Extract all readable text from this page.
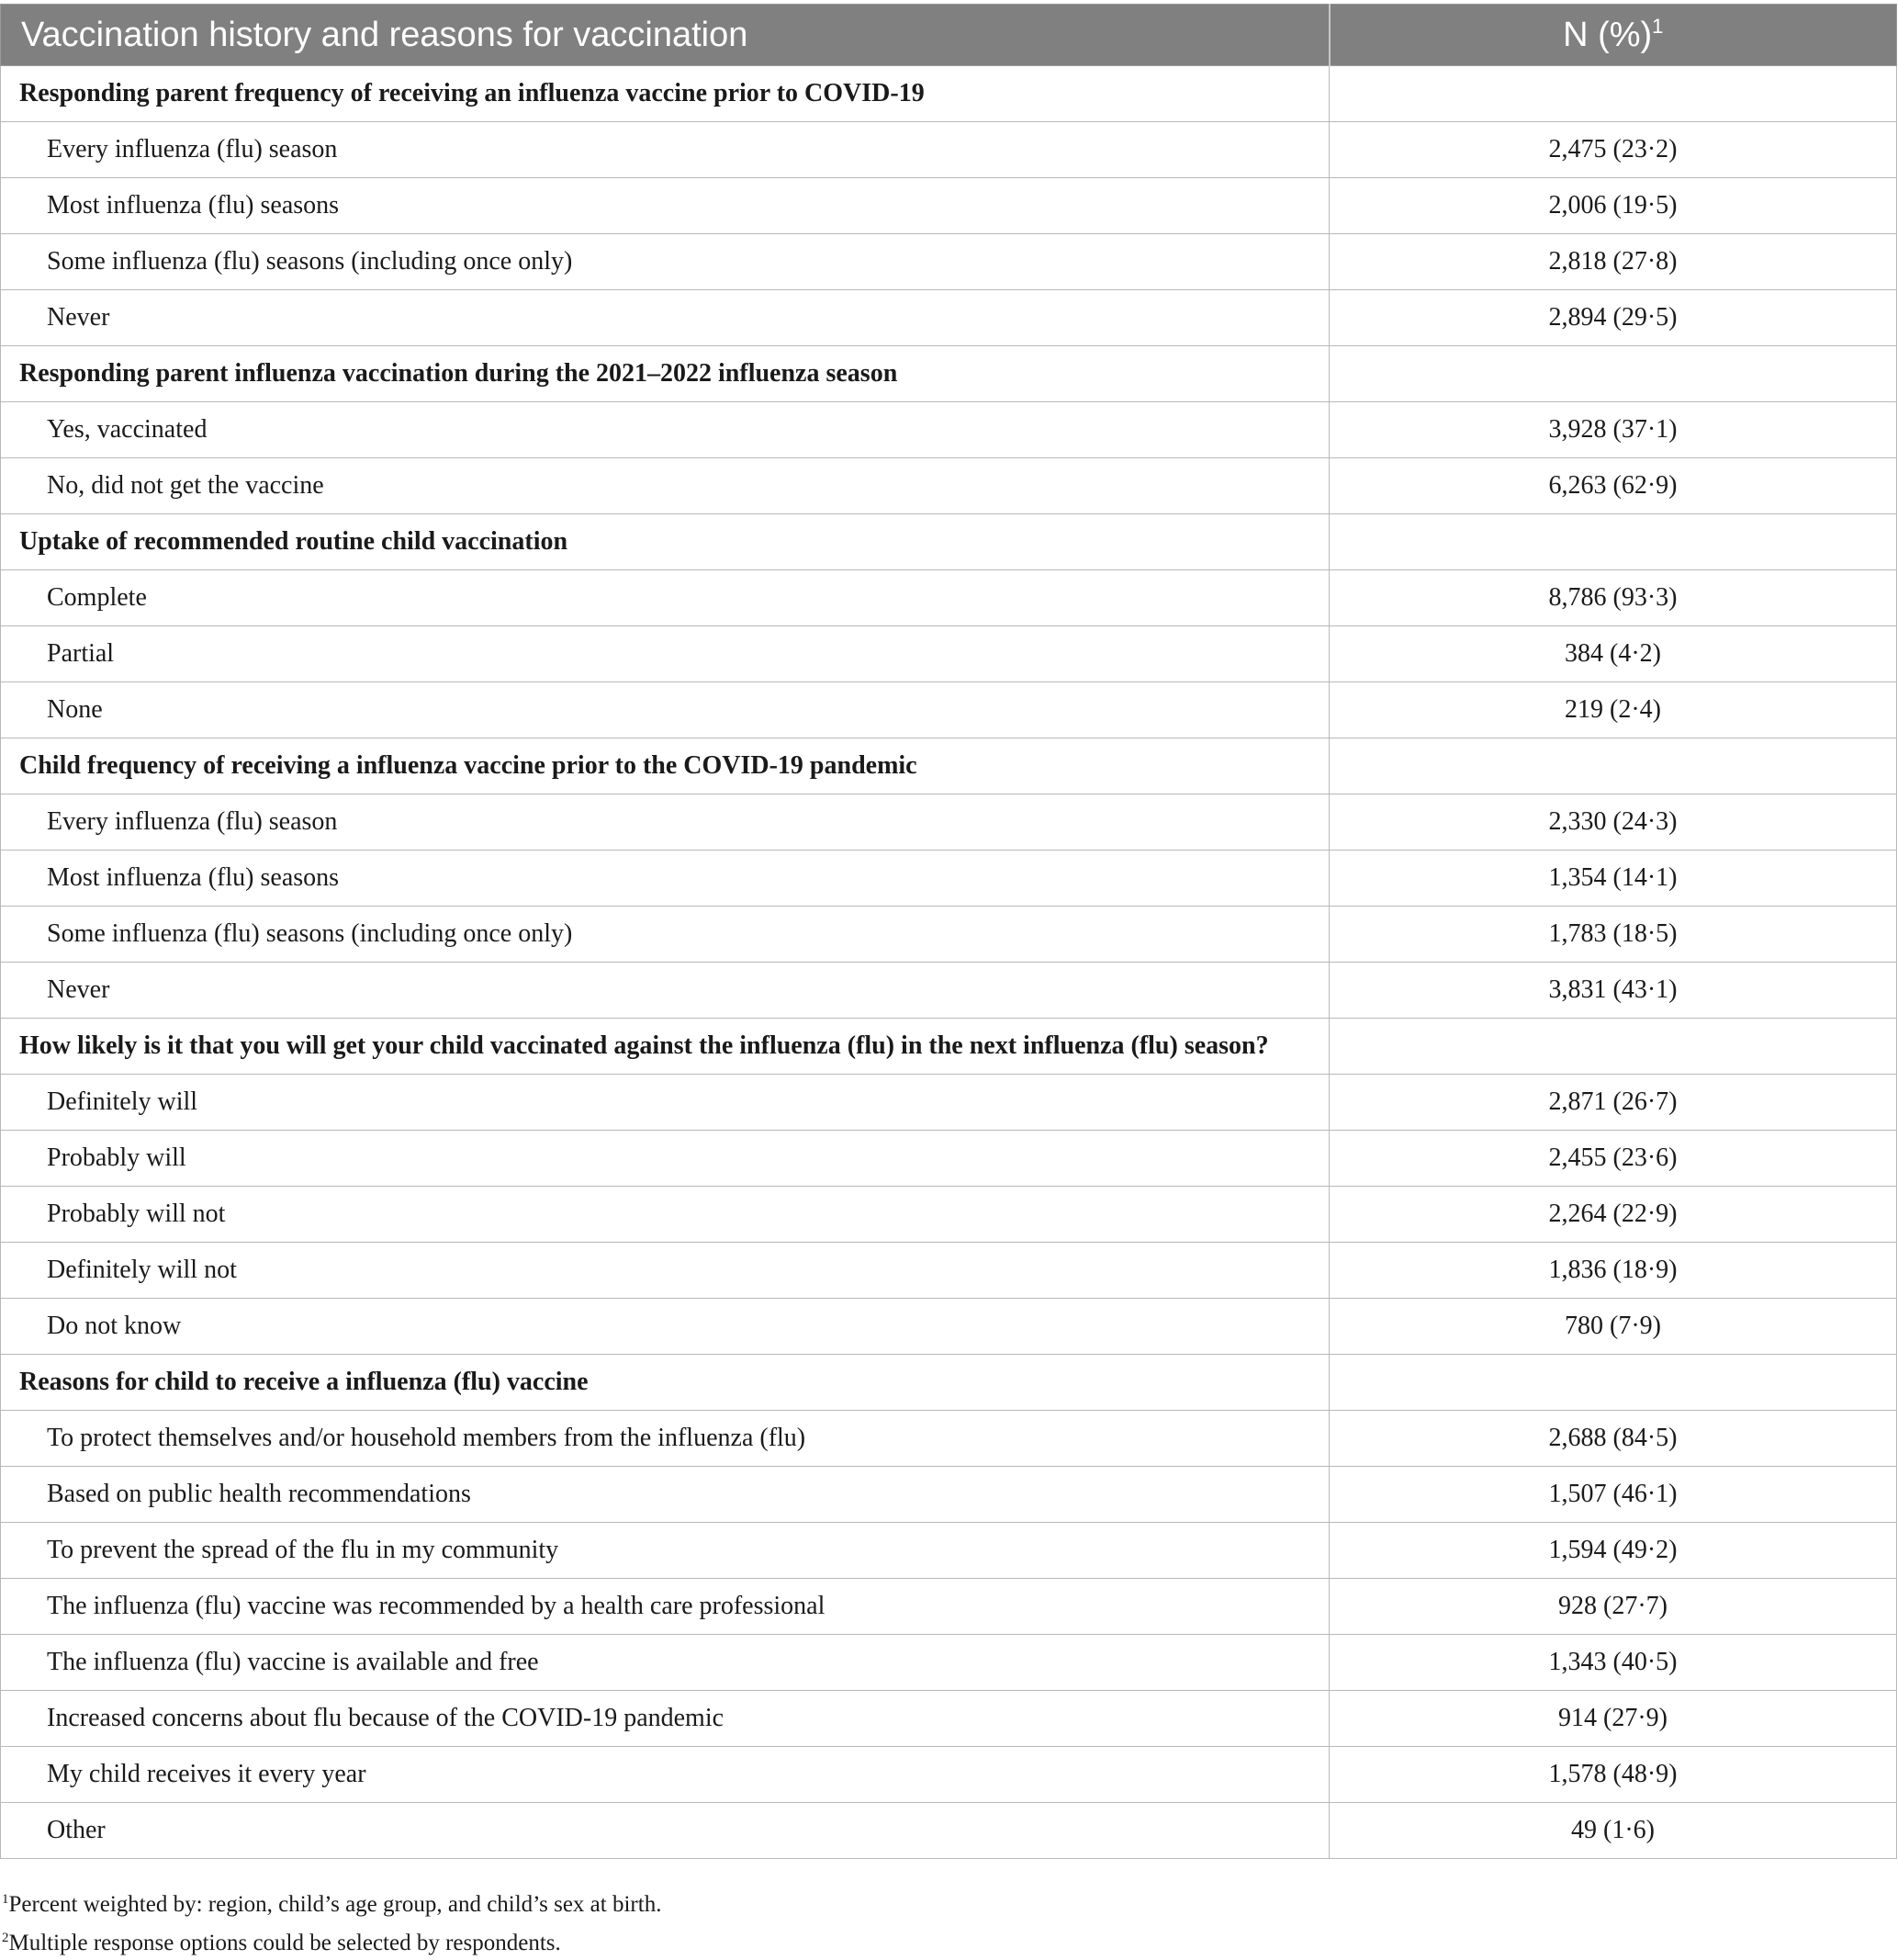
Vaccination history and reasons for vaccination	N (%)$^1$
Responding parent frequency of receiving an influenza vaccine prior to COVID-19	
Every influenza (flu) season	2,475 (23·2)
Most influenza (flu) seasons	2,006 (19·5)
Some influenza (flu) seasons (including once only)	2,818 (27·8)
Never	2,894 (29·5)
Responding parent influenza vaccination during the 2021–2022 influenza season	
Yes, vaccinated	3,928 (37·1)
No, did not get the vaccine	6,263 (62·9)
Uptake of recommended routine child vaccination	
Complete	8,786 (93·3)
Partial	384 (4·2)
None	219 (2·4)
Child frequency of receiving a influenza vaccine prior to the COVID-19 pandemic	
Every influenza (flu) season	2,330 (24·3)
Most influenza (flu) seasons	1,354 (14·1)
Some influenza (flu) seasons (including once only)	1,783 (18·5)
Never	3,831 (43·1)
How likely is it that you will get your child vaccinated against the influenza (flu) in the next influenza (flu) season?	
Definitely will	2,871 (26·7)
Probably will	2,455 (23·6)
Probably will not	2,264 (22·9)
Definitely will not	1,836 (18·9)
Do not know	780 (7·9)
Reasons for child to receive a influenza (flu) vaccine	
To protect themselves and/or household members from the influenza (flu)	2,688 (84·5)
Based on public health recommendations	1,507 (46·1)
To prevent the spread of the flu in my community	1,594 (49·2)
The influenza (flu) vaccine was recommended by a health care professional	928 (27·7)
The influenza (flu) vaccine is available and free	1,343 (40·5)
Increased concerns about flu because of the COVID-19 pandemic	914 (27·9)
My child receives it every year	1,578 (48·9)
Other	49 (1·6)
$^1$Percent weighted by: region, child’s age group, and child’s sex at birth.
$^2$Multiple response options could be selected by respondents.
